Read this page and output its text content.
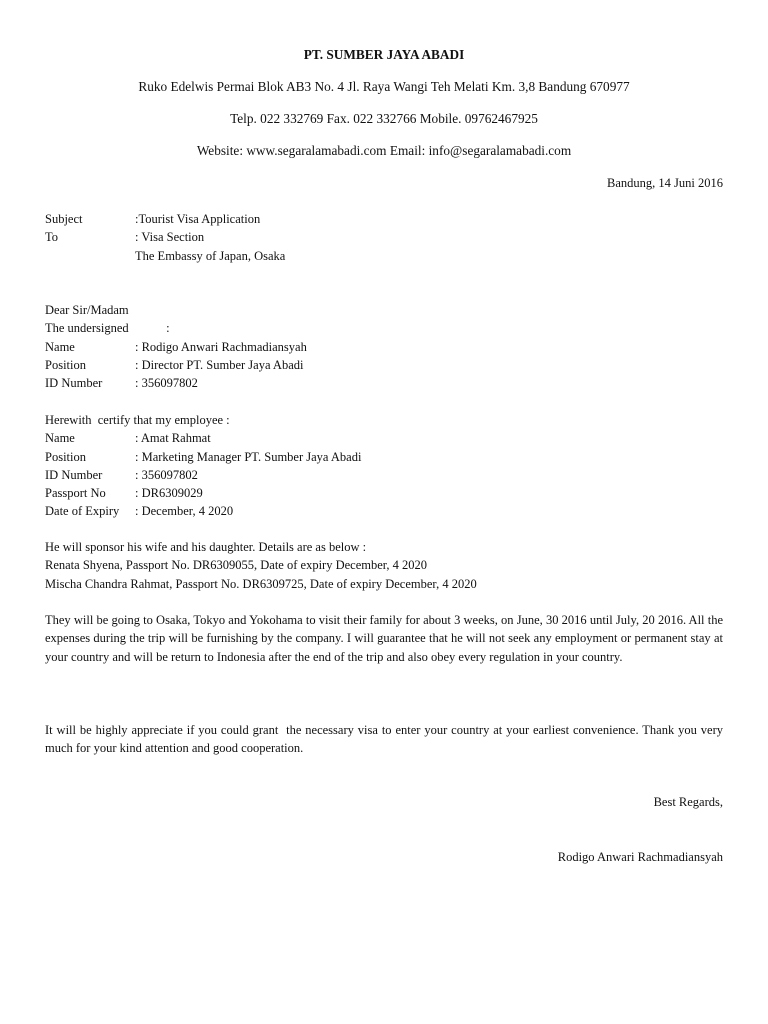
PT. SUMBER JAYA ABADI
Ruko Edelwis Permai Blok AB3 No. 4 Jl. Raya Wangi Teh Melati Km. 3,8 Bandung 670977
Telp. 022 332769 Fax. 022 332766 Mobile. 09762467925
Website: www.segaralamabadi.com Email: info@segaralamabadi.com
Bandung, 14 Juni 2016
Subject	:Tourist Visa Application
To	: Visa Section
The Embassy of Japan, Osaka
Dear Sir/Madam
The undersigned            :
Name	: Rodigo Anwari Rachmadiansyah
Position	: Director PT. Sumber Jaya Abadi
ID Number	: 356097802
Herewith  certify that my employee :
Name	: Amat Rahmat
Position	: Marketing Manager PT. Sumber Jaya Abadi
ID Number	: 356097802
Passport No	: DR6309029
Date of Expiry	: December, 4 2020
He will sponsor his wife and his daughter. Details are as below :
Renata Shyena, Passport No. DR6309055, Date of expiry December, 4 2020
Mischa Chandra Rahmat, Passport No. DR6309725, Date of expiry December, 4 2020
They will be going to Osaka, Tokyo and Yokohama to visit their family for about 3 weeks, on June, 30 2016 until July, 20 2016. All the expenses during the trip will be furnishing by the company. I will guarantee that he will not seek any employment or permanent stay at your country and will be return to Indonesia after the end of the trip and also obey every regulation in your country.
It will be highly appreciate if you could grant  the necessary visa to enter your country at your earliest convenience. Thank you very much for your kind attention and good cooperation.
Best Regards,
Rodigo Anwari Rachmadiansyah
